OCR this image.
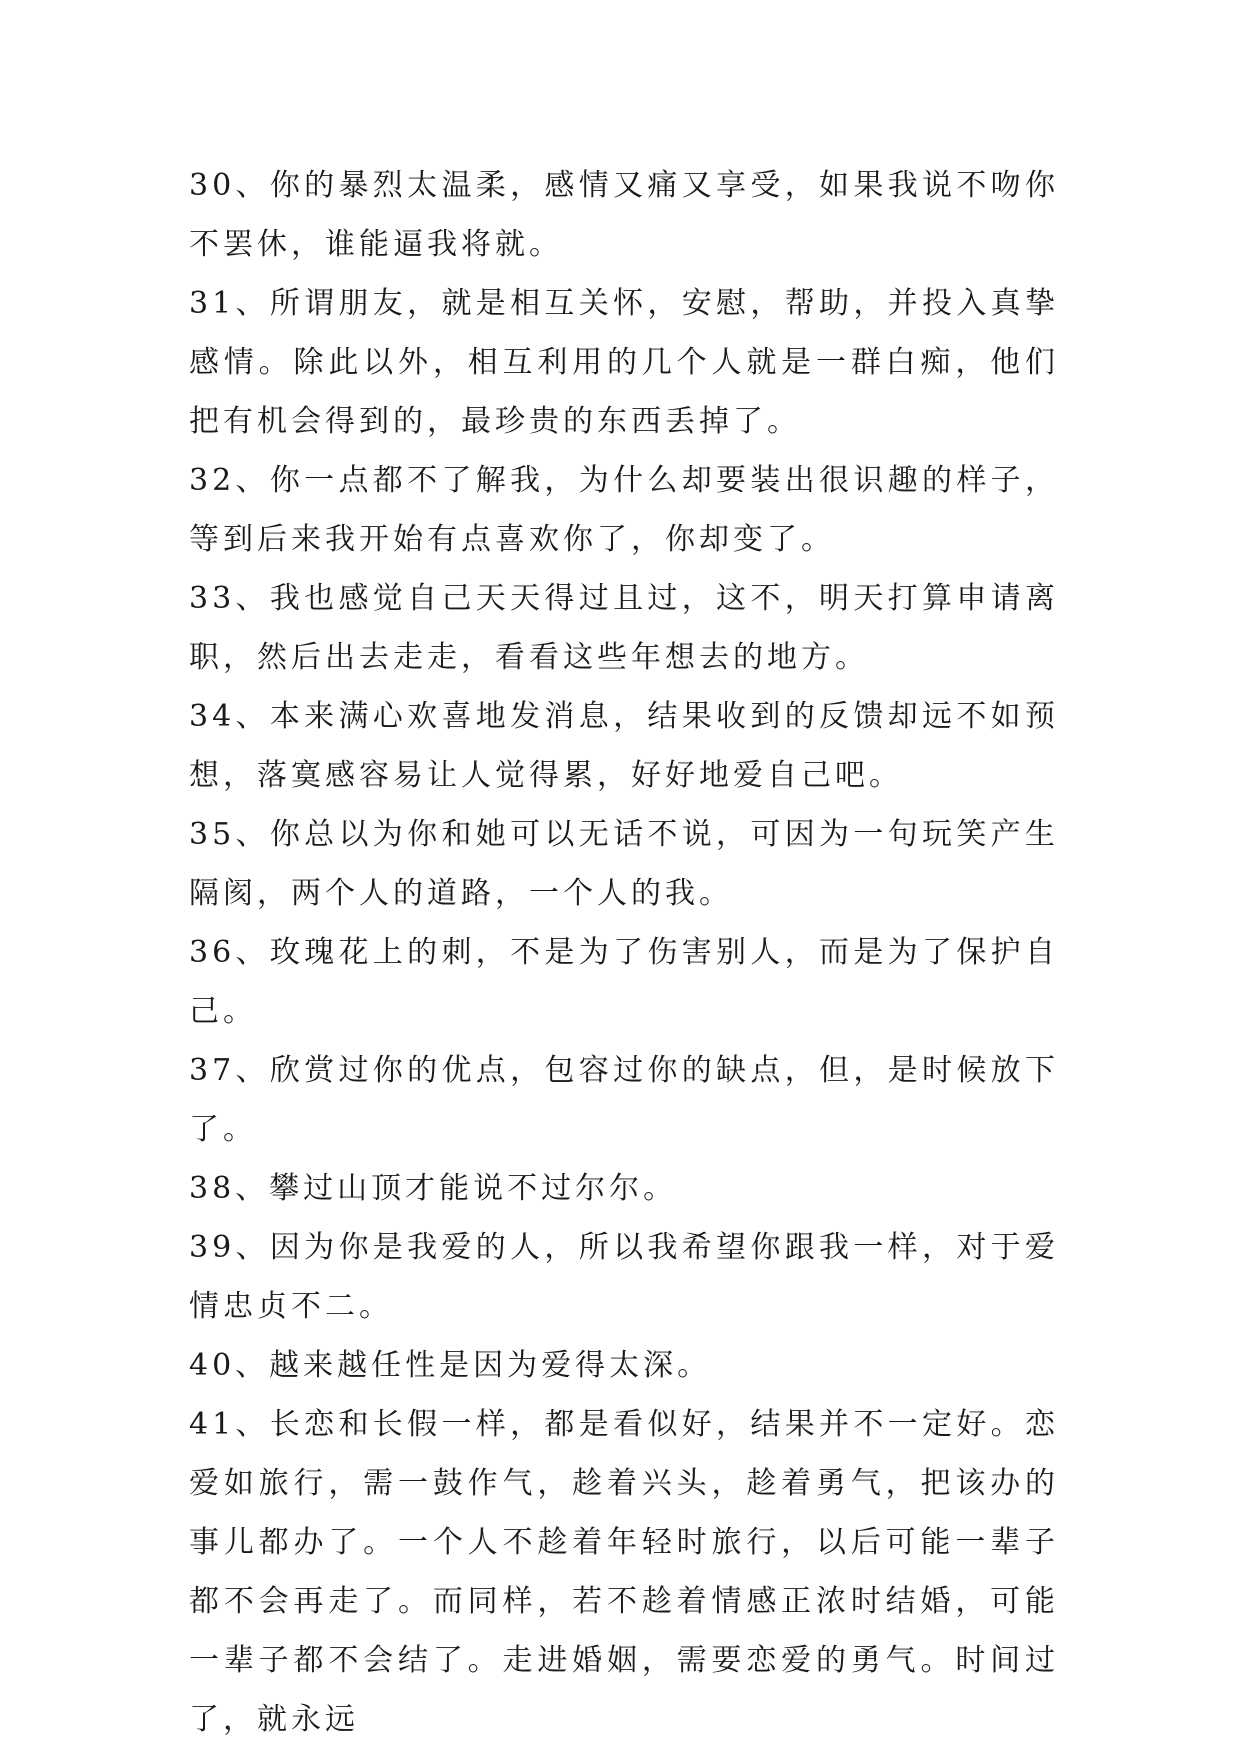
30、你的暴烈太温柔，感情又痛又享受，如果我说不吻你不罢休，谁能逼我将就。

31、所谓朋友，就是相互关怀，安慰，帮助，并投入真挚感情。除此以外，相互利用的几个人就是一群白痴，他们把有机会得到的，最珍贵的东西丢掉了。

32、你一点都不了解我，为什么却要装出很识趣的样子，等到后来我开始有点喜欢你了，你却变了。

33、我也感觉自己天天得过且过，这不，明天打算申请离职，然后出去走走，看看这些年想去的地方。

34、本来满心欢喜地发消息，结果收到的反馈却远不如预想，落寞感容易让人觉得累，好好地爱自己吧。

35、你总以为你和她可以无话不说，可因为一句玩笑产生隔阂，两个人的道路，一个人的我。

36、玫瑰花上的刺，不是为了伤害别人，而是为了保护自己。

37、欣赏过你的优点，包容过你的缺点，但，是时候放下了。

38、攀过山顶才能说不过尔尔。

39、因为你是我爱的人，所以我希望你跟我一样，对于爱情忠贞不二。

40、越来越任性是因为爱得太深。

41、长恋和长假一样，都是看似好，结果并不一定好。恋爱如旅行，需一鼓作气，趁着兴头，趁着勇气，把该办的事儿都办了。一个人不趁着年轻时旅行，以后可能一辈子都不会再走了。而同样，若不趁着情感正浓时结婚，可能一辈子都不会结了。走进婚姻，需要恋爱的勇气。时间过了，就永远
